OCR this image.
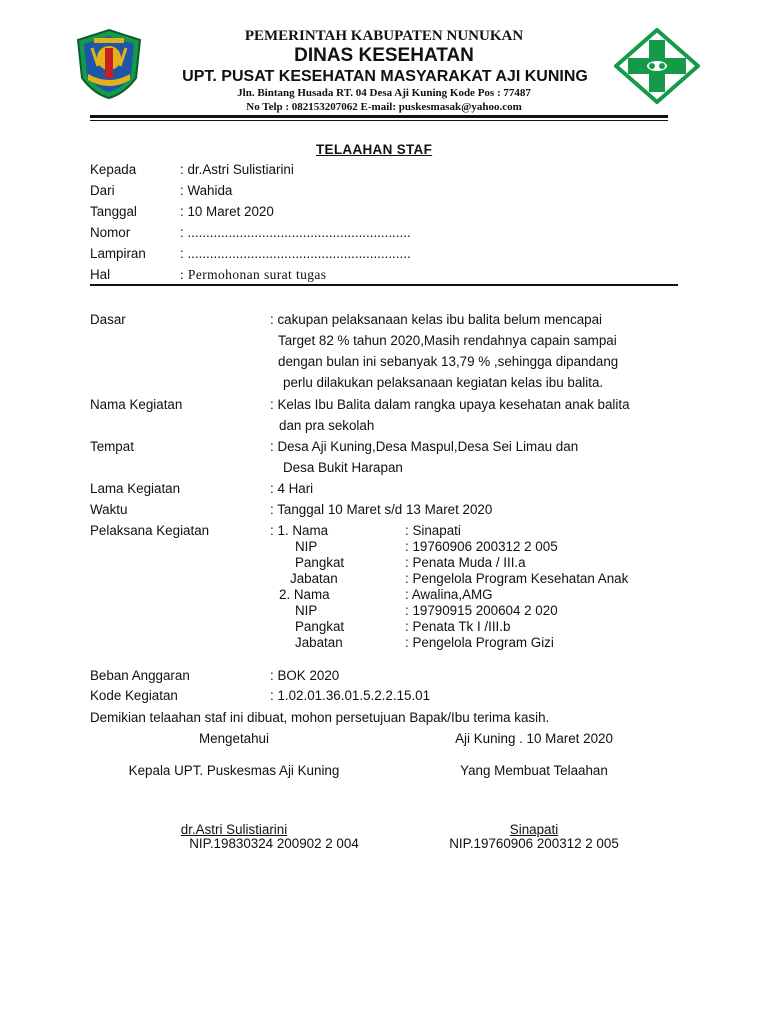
PEMERINTAH KABUPATEN NUNUKAN
DINAS KESEHATAN
UPT. PUSAT KESEHATAN MASYARAKAT AJI KUNING
Jln. Bintang Husada RT. 04 Desa Aji Kuning Kode Pos : 77487
No Telp : 082153207062 E-mail: puskesmasak@yahoo.com
TELAAHAN STAF
Kepada	: dr.Astri Sulistiarini
Dari	: Wahida
Tanggal	: 10 Maret 2020
Nomor	: ............................................................
Lampiran	: ............................................................
Hal	: Permohonan surat tugas
Dasar	: cakupan pelaksanaan kelas ibu balita belum mencapai
Target 82 % tahun 2020,Masih rendahnya capain sampai
dengan bulan ini sebanyak 13,79 % ,sehingga dipandang
perlu dilakukan pelaksanaan kegiatan kelas ibu balita.
Nama Kegiatan	: Kelas Ibu Balita dalam rangka upaya kesehatan anak balita
dan pra sekolah
Tempat	: Desa Aji Kuning,Desa Maspul,Desa Sei Limau dan
Desa Bukit Harapan
Lama Kegiatan	: 4 Hari
Waktu	: Tanggal 10 Maret s/d 13 Maret 2020
Pelaksana Kegiatan	: 1. Nama	: Sinapati
NIP	: 19760906 200312 2 005
Pangkat	: Penata Muda / III.a
Jabatan	: Pengelola Program Kesehatan Anak
2. Nama	: Awalina,AMG
NIP	: 19790915 200604 2 020
Pangkat	: Penata Tk I /III.b
Jabatan	: Pengelola Program Gizi
Beban Anggaran	: BOK 2020
Kode Kegiatan	: 1.02.01.36.01.5.2.2.15.01
Demikian telaahan staf ini dibuat, mohon persetujuan Bapak/Ibu terima kasih.
Mengetahui
Kepala UPT. Puskesmas Aji Kuning
dr.Astri Sulistiarini
NIP.19830324 200902 2 004
Aji Kuning . 10 Maret 2020
Yang Membuat Telaahan
Sinapati
NIP.19760906 200312 2 005
